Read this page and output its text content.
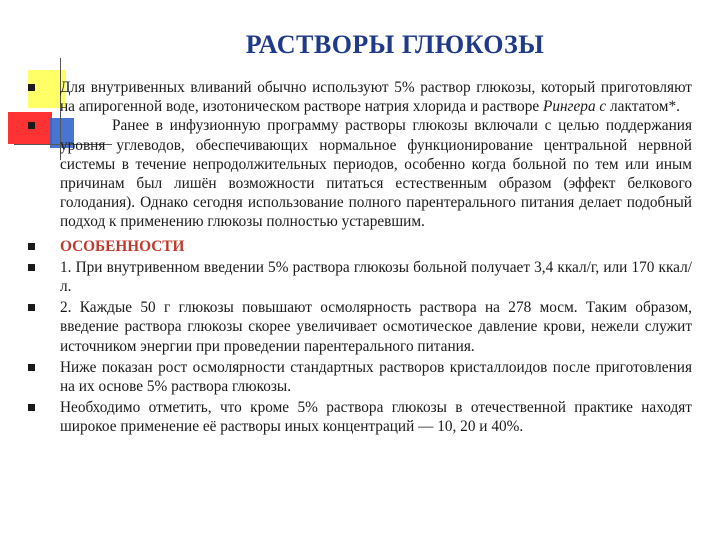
РАСТВОРЫ ГЛЮКОЗЫ

Для внутривенных вливаний обычно используют 5% раствор глюкозы, который приготовляют на апирогенной воде, изотоническом растворе натрия хлорида и растворе Рингера с лактатом*.

Ранее в инфузионную программу растворы глюкозы включали с целью поддержания уровня углеводов, обеспечивающих нормальное функционирование центральной нервной системы в течение непродолжительных периодов, особенно когда больной по тем или иным причинам был лишён возможности питаться естественным образом (эффект белкового голодания). Однако сегодня использование полного парентерального питания делает подобный подход к применению глюкозы полностью устаревшим.

ОСОБЕННОСТИ

1. При внутривенном введении 5% раствора глюкозы больной получает 3,4 ккал/г, или 170 ккал/л.

2. Каждые 50 г глюкозы повышают осмолярность раствора на 278 мосм. Таким образом, введение раствора глюкозы скорее увеличивает осмотическое давление крови, нежели служит источником энергии при проведении парентерального питания.

Ниже показан рост осмолярности стандартных растворов кристаллоидов после приготовления на их основе 5% раствора глюкозы.

Необходимо отметить, что кроме 5% раствора глюкозы в отечественной практике находят широкое применение её растворы иных концентраций — 10, 20 и 40%.
